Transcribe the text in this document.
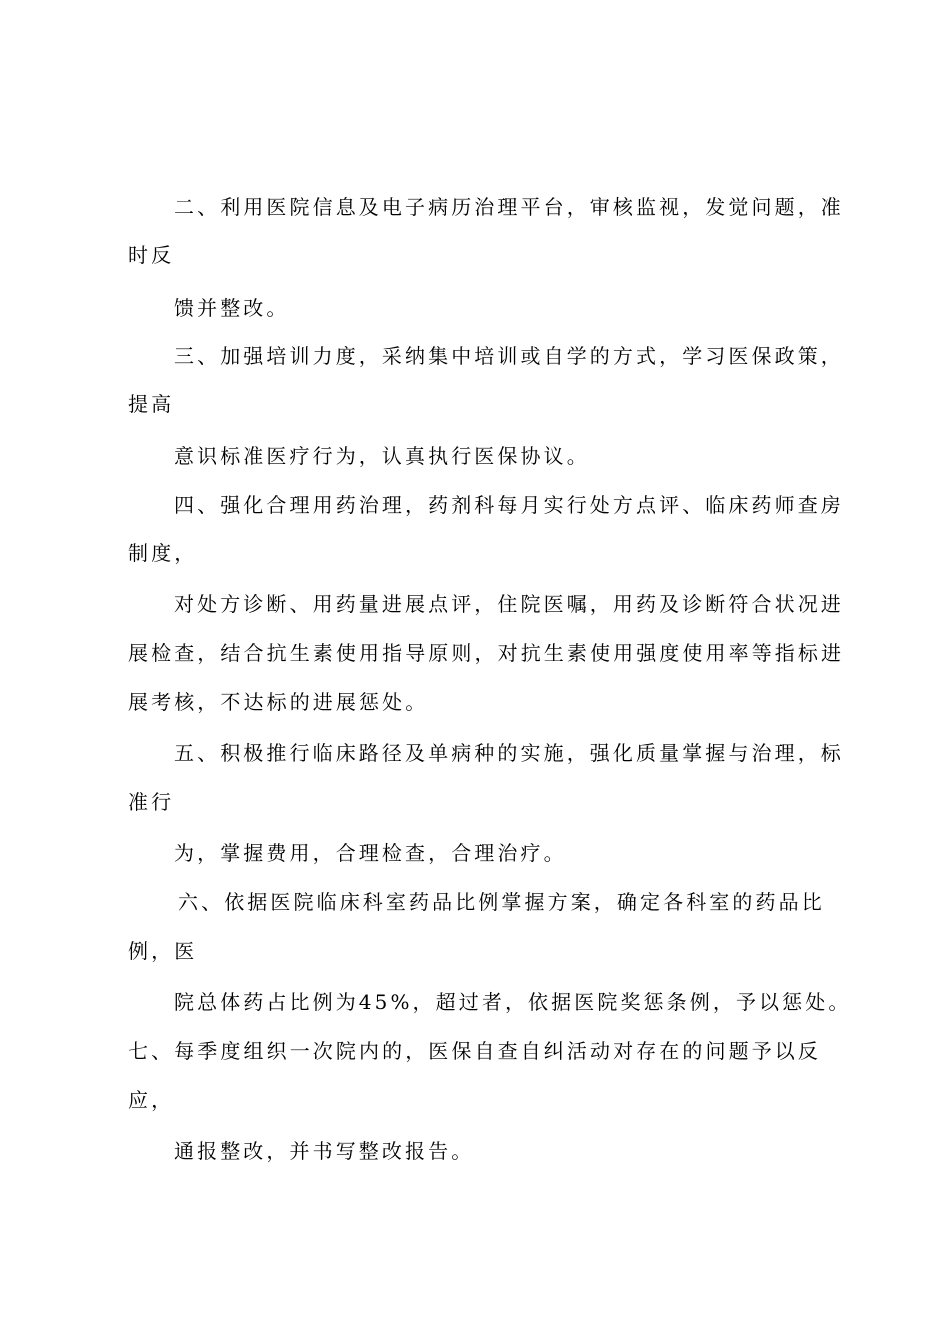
二、利用医院信息及电子病历治理平台，审核监视，发觉问题，准
时反
馈并整改。
三、加强培训力度，采纳集中培训或自学的方式，学习医保政策，
提高
意识标准医疗行为，认真执行医保协议。
四、强化合理用药治理，药剂科每月实行处方点评、临床药师查房
制度，
对处方诊断、用药量进展点评，住院医嘱，用药及诊断符合状况进
展检查，结合抗生素使用指导原则，对抗生素使用强度使用率等指标进
展考核，不达标的进展惩处。
五、积极推行临床路径及单病种的实施，强化质量掌握与治理，标
准行
为，掌握费用，合理检查，合理治疗。
六、依据医院临床科室药品比例掌握方案，确定各科室的药品比
例，医
院总体药占比例为45%，超过者，依据医院奖惩条例，予以惩处。
七、每季度组织一次院内的，医保自查自纠活动对存在的问题予以反
应，
通报整改，并书写整改报告。
